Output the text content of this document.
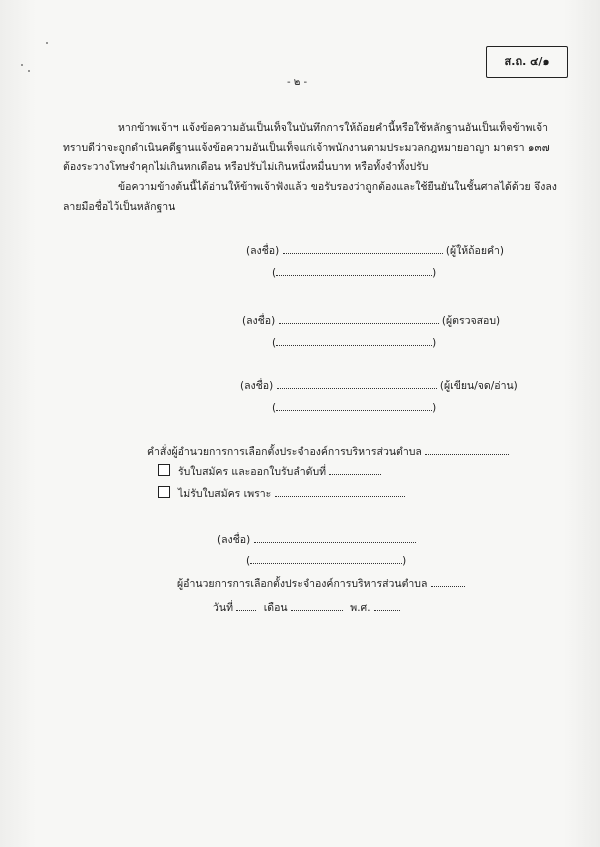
ส.ถ. ๔/๑
- ๒ -
หากข้าพเจ้าฯ แจ้งข้อความอันเป็นเท็จในบันทึกการให้ถ้อยคำนี้หรือใช้หลักฐานอันเป็นเท็จข้าพเจ้า
ทราบดีว่าจะถูกดำเนินคดีฐานแจ้งข้อความอันเป็นเท็จแก่เจ้าพนักงานตามประมวลกฎหมายอาญา มาตรา ๑๓๗
ต้องระวางโทษจำคุกไม่เกินหกเดือน หรือปรับไม่เกินหนึ่งหมื่นบาท หรือทั้งจำทั้งปรับ
ข้อความข้างต้นนี้ได้อ่านให้ข้าพเจ้าฟังแล้ว ขอรับรองว่าถูกต้องและใช้ยืนยันในชั้นศาลได้ด้วย จึงลง
ลายมือชื่อไว้เป็นหลักฐาน
(ลงชื่อ)	(ผู้ให้ถ้อยคำ)
(	)
(ลงชื่อ)	(ผู้ตรวจสอบ)
(	)
(ลงชื่อ)	(ผู้เขียน/จด/อ่าน)
(	)
คำสั่งผู้อำนวยการการเลือกตั้งประจำองค์การบริหารส่วนตำบล
รับใบสมัคร และออกใบรับลำดับที่
ไม่รับใบสมัคร เพราะ
(ลงชื่อ)
(	)
ผู้อำนวยการการเลือกตั้งประจำองค์การบริหารส่วนตำบล
วันที่	เดือน	พ.ศ.
